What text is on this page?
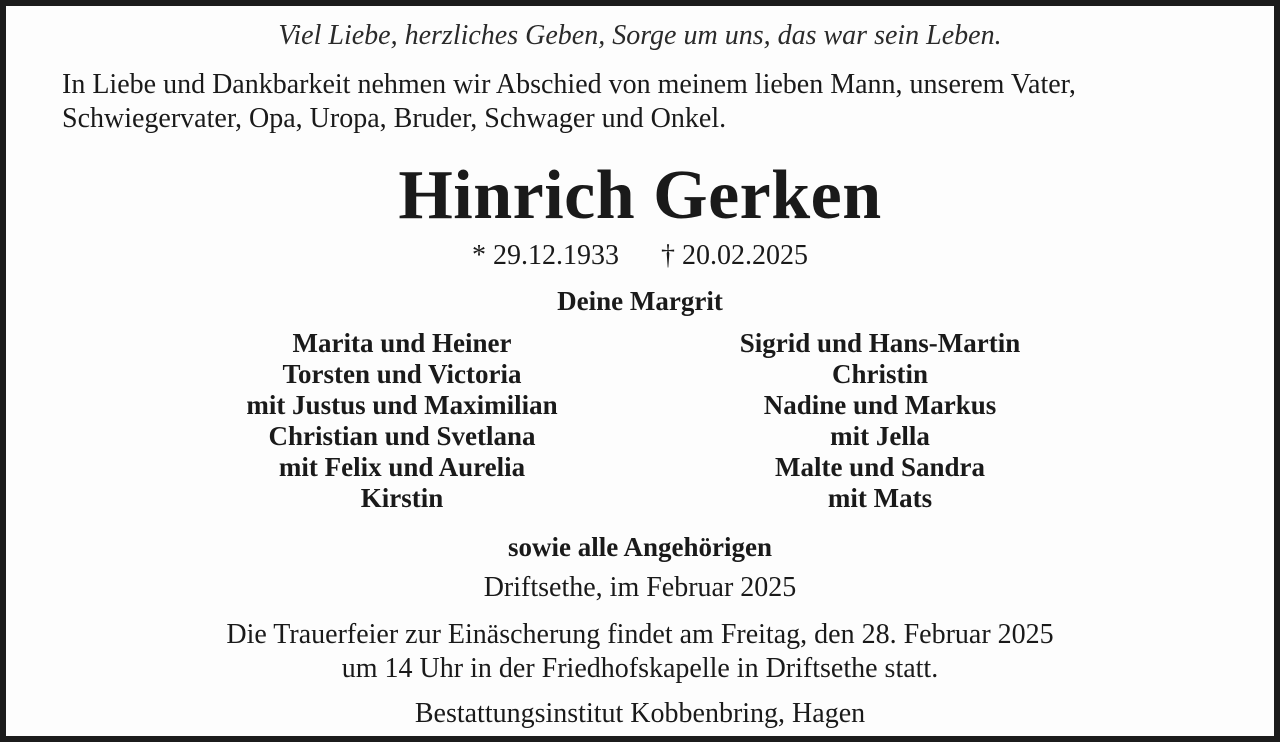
Viel Liebe, herzliches Geben, Sorge um uns, das war sein Leben.
In Liebe und Dankbarkeit nehmen wir Abschied von meinem lieben Mann, unserem Vater, Schwiegervater, Opa, Uropa, Bruder, Schwager und Onkel.
Hinrich Gerken
* 29.12.1933 † 20.02.2025
Deine Margrit
Marita und Heiner
Torsten und Victoria
mit Justus und Maximilian
Christian und Svetlana
mit Felix und Aurelia
Kirstin
Sigrid und Hans-Martin
Christin
Nadine und Markus
mit Jella
Malte und Sandra
mit Mats
sowie alle Angehörigen
Driftsethe, im Februar 2025
Die Trauerfeier zur Einäscherung findet am Freitag, den 28. Februar 2025
um 14 Uhr in der Friedhofskapelle in Driftsethe statt.
Bestattungsinstitut Kobbenbring, Hagen
